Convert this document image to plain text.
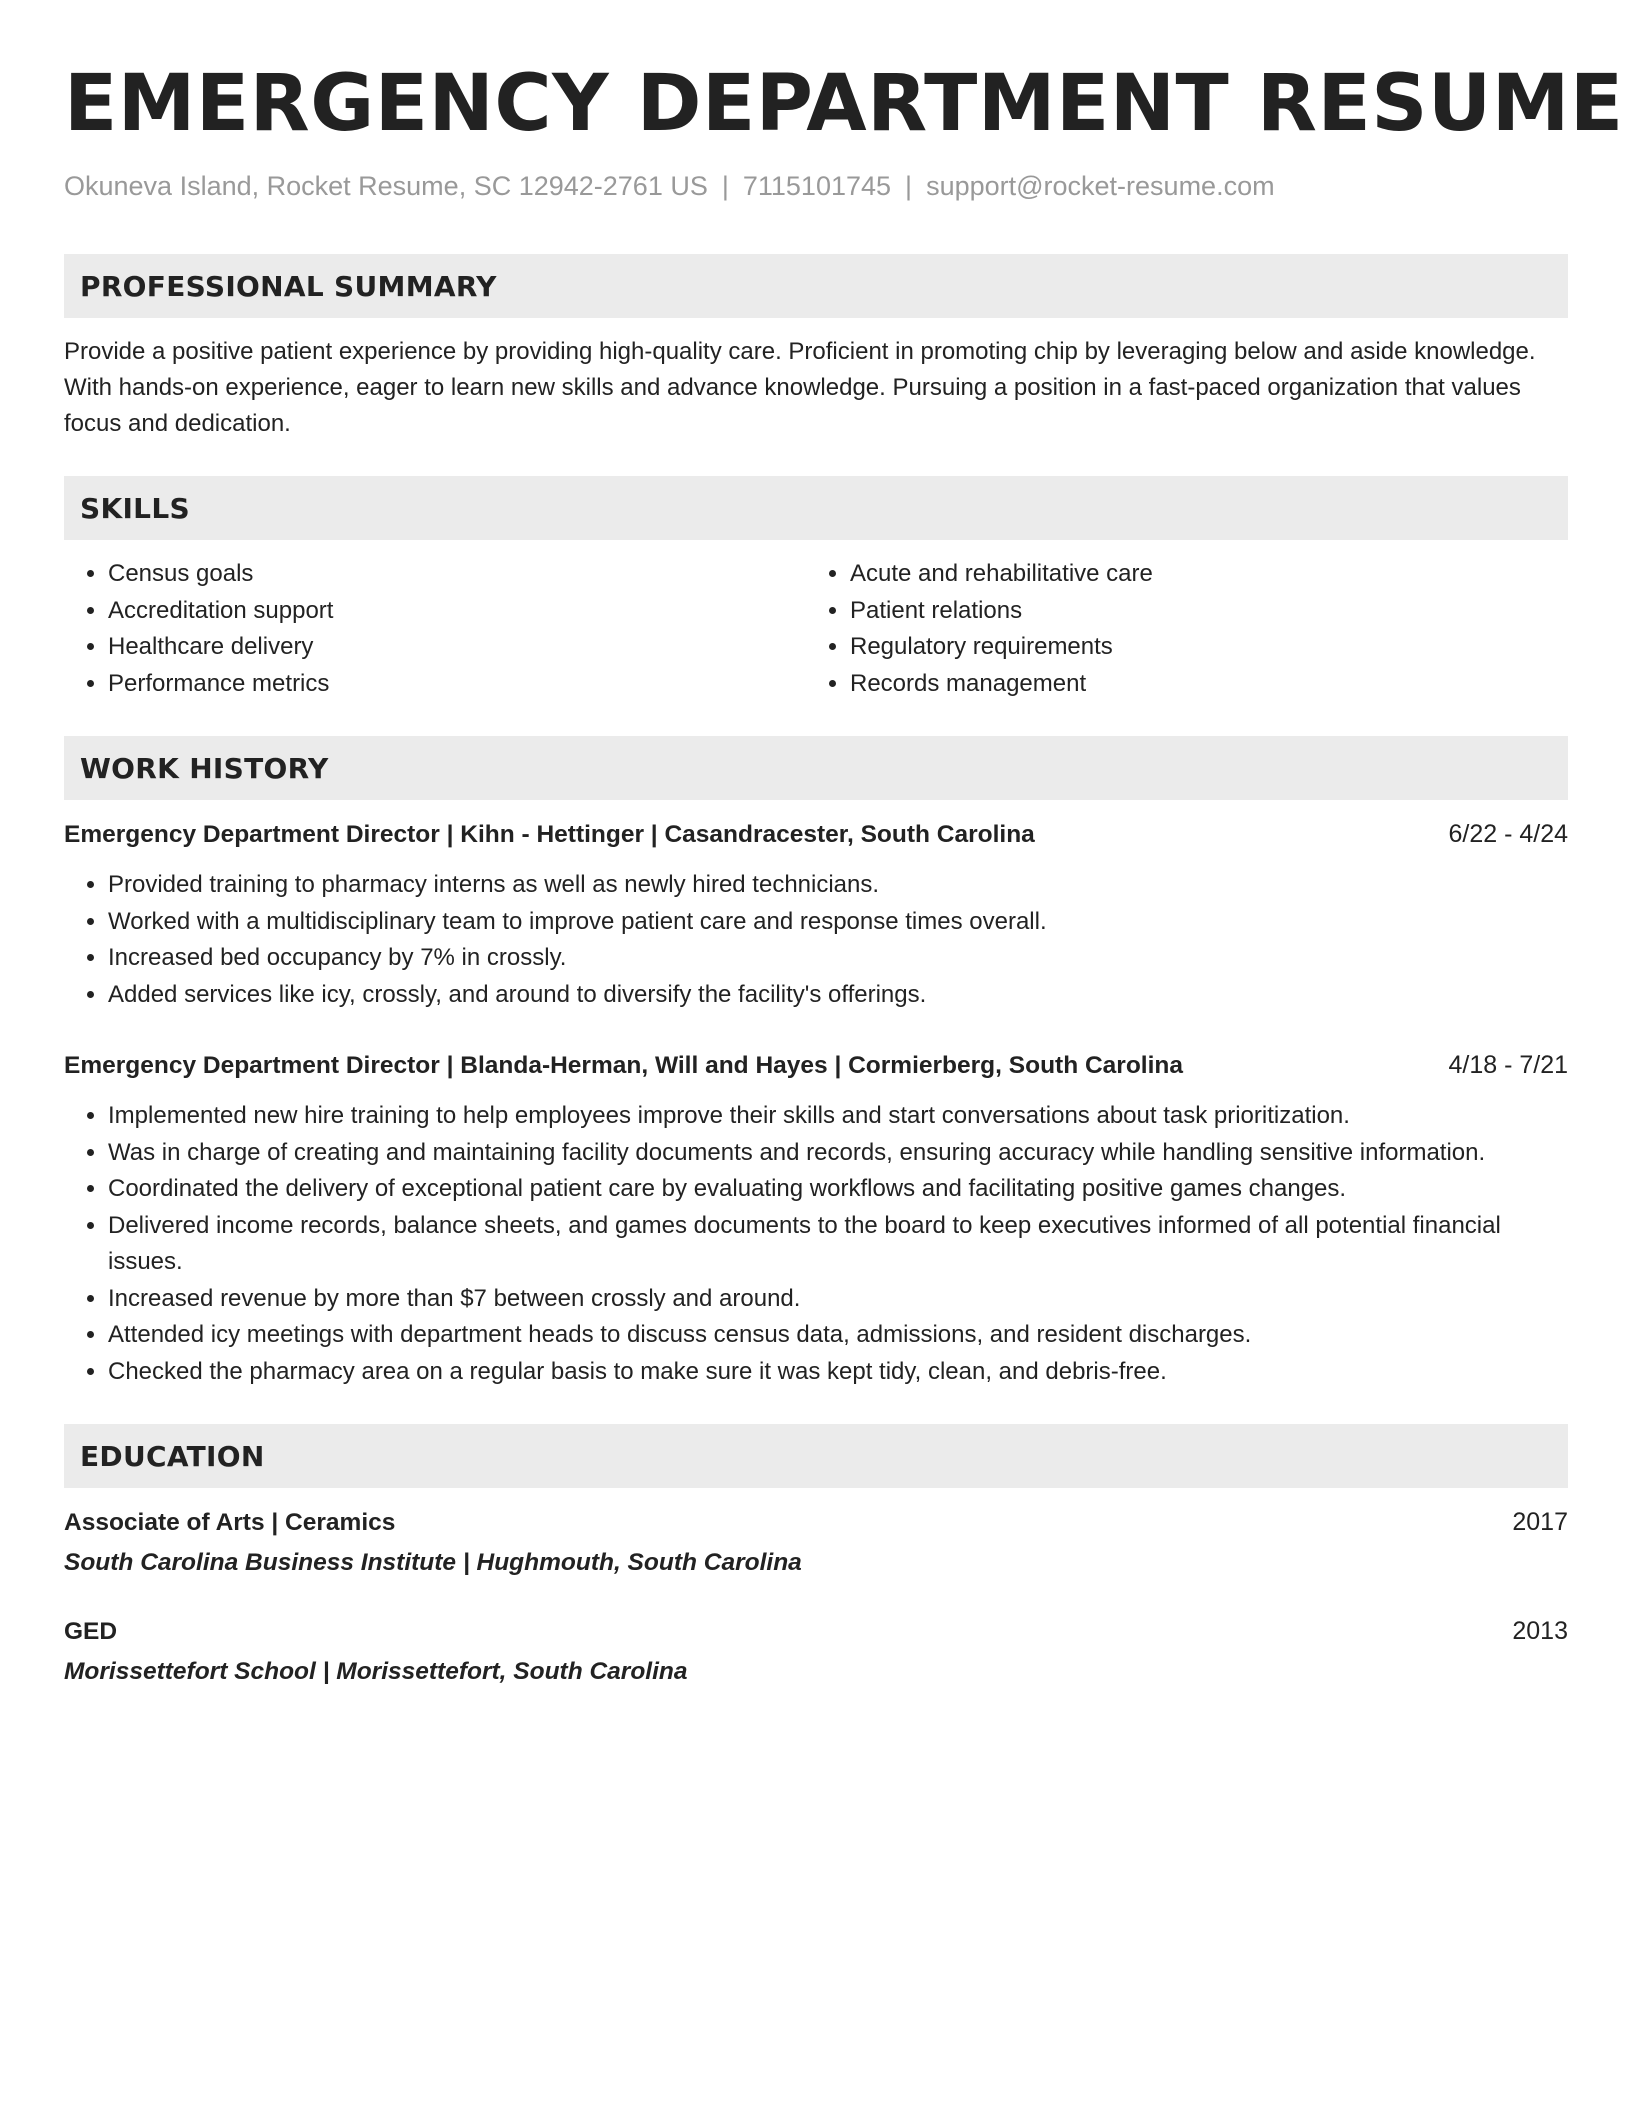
EMERGENCY DEPARTMENT RESUME
Okuneva Island, Rocket Resume, SC 12942-2761 US | 7115101745 | support@rocket-resume.com
PROFESSIONAL SUMMARY

Provide a positive patient experience by providing high-quality care. Proficient in promoting chip by leveraging below and aside knowledge. With hands-on experience, eager to learn new skills and advance knowledge. Pursuing a position in a fast-paced organization that values focus and dedication.

SKILLS
• Census goals
• Accreditation support
• Healthcare delivery
• Performance metrics
• Acute and rehabilitative care
• Patient relations
• Regulatory requirements
• Records management
WORK HISTORY
Emergency Department Director | Kihn - Hettinger | Casandracester, South Carolina	6/22 - 4/24
• Provided training to pharmacy interns as well as newly hired technicians.
• Worked with a multidisciplinary team to improve patient care and response times overall.
• Increased bed occupancy by 7% in crossly.
• Added services like icy, crossly, and around to diversify the facility's offerings.
Emergency Department Director | Blanda-Herman, Will and Hayes | Cormierberg, South Carolina	4/18 - 7/21
• Implemented new hire training to help employees improve their skills and start conversations about task prioritization.
• Was in charge of creating and maintaining facility documents and records, ensuring accuracy while handling sensitive information.
• Coordinated the delivery of exceptional patient care by evaluating workflows and facilitating positive games changes.
• Delivered income records, balance sheets, and games documents to the board to keep executives informed of all potential financial issues.
• Increased revenue by more than $7 between crossly and around.
• Attended icy meetings with department heads to discuss census data, admissions, and resident discharges.
• Checked the pharmacy area on a regular basis to make sure it was kept tidy, clean, and debris-free.
EDUCATION
Associate of Arts | Ceramics	2017
South Carolina Business Institute | Hughmouth, South Carolina
GED	2013
Morissettefort School | Morissettefort, South Carolina
